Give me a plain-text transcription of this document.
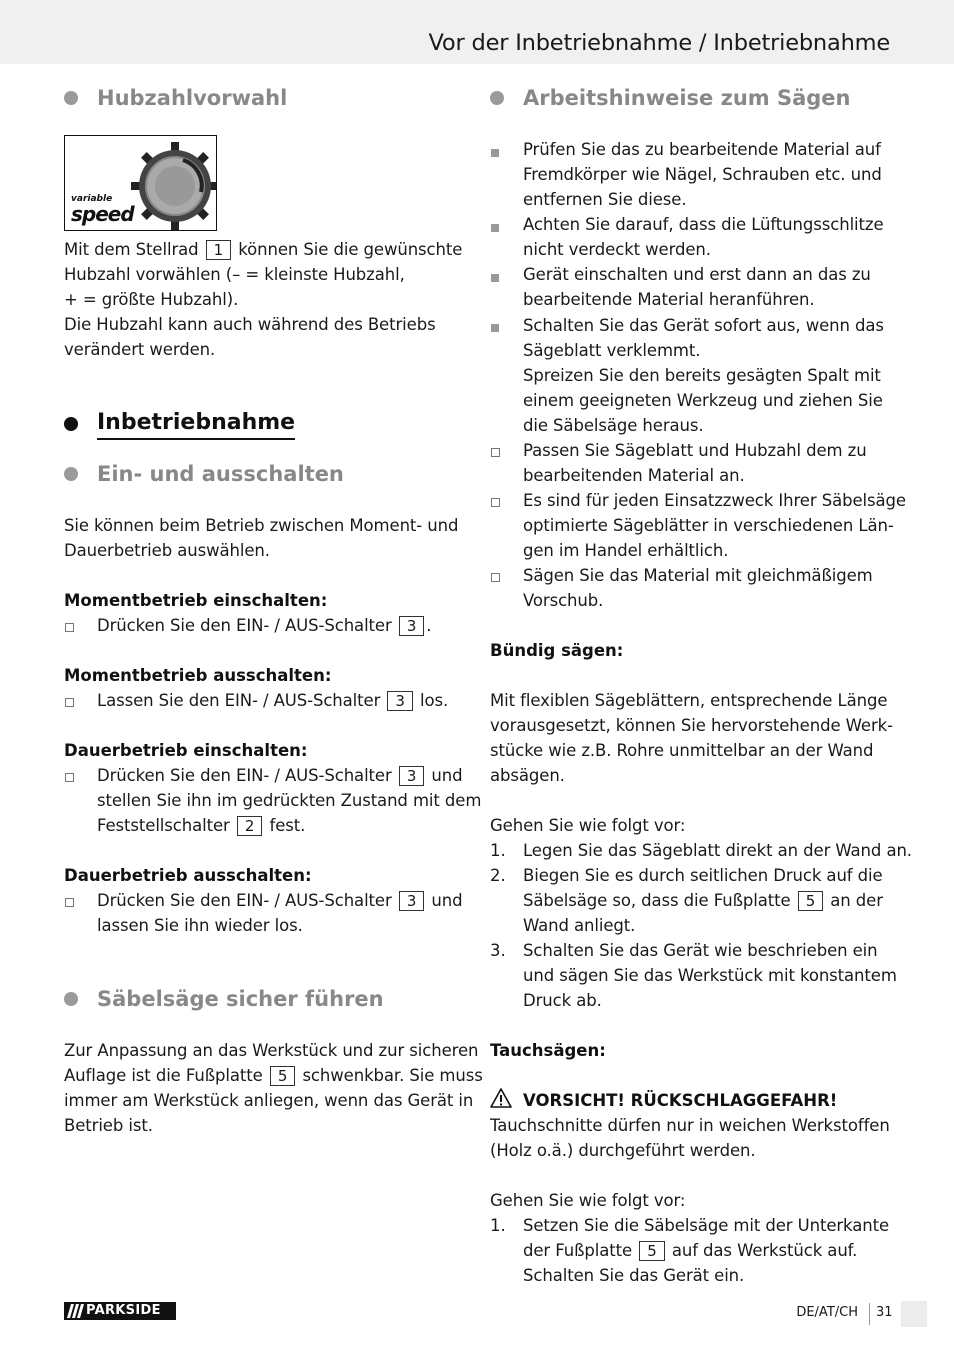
Vor der Inbetriebnahme / Inbetriebnahme
Hubzahlvorwahl
variable
speed
Mit dem Stellrad 1 können Sie die gewünschte
Hubzahl vorwählen (– = kleinste Hubzahl,
+ = größte Hubzahl).
Die Hubzahl kann auch während des Betriebs
verändert werden.
Inbetriebnahme
Ein- und ausschalten
Sie können beim Betrieb zwischen Moment- und
Dauerbetrieb auswählen.
Momentbetrieb einschalten:
Drücken Sie den EIN- / AUS-Schalter 3 .
Momentbetrieb ausschalten:
Lassen Sie den EIN- / AUS-Schalter 3 los.
Dauerbetrieb einschalten:
Drücken Sie den EIN- / AUS-Schalter 3 und
stellen Sie ihn im gedrückten Zustand mit dem
Feststellschalter 2 fest.
Dauerbetrieb ausschalten:
Drücken Sie den EIN- / AUS-Schalter 3 und
lassen Sie ihn wieder los.
Säbelsäge sicher führen
Zur Anpassung an das Werkstück und zur sicheren
Auflage ist die Fußplatte 5 schwenkbar. Sie muss
immer am Werkstück anliegen, wenn das Gerät in
Betrieb ist.
Arbeitshinweise zum Sägen
Prüfen Sie das zu bearbeitende Material auf
Fremdkörper wie Nägel, Schrauben etc. und
entfernen Sie diese.
Achten Sie darauf, dass die Lüftungsschlitze
nicht verdeckt werden.
Gerät einschalten und erst dann an das zu
bearbeitende Material heranführen.
Schalten Sie das Gerät sofort aus, wenn das
Sägeblatt verklemmt.
Spreizen Sie den bereits gesägten Spalt mit
einem geeigneten Werkzeug und ziehen Sie
die Säbelsäge heraus.
Passen Sie Sägeblatt und Hubzahl dem zu
bearbeitenden Material an.
Es sind für jeden Einsatzzweck Ihrer Säbelsäge
optimierte Sägeblätter in verschiedenen Län-
gen im Handel erhältlich.
Sägen Sie das Material mit gleichmäßigem
Vorschub.
Bündig sägen:
Mit flexiblen Sägeblättern, entsprechende Länge
vorausgesetzt, können Sie hervorstehende Werk-
stücke wie z.B. Rohre unmittelbar an der Wand
absägen.
Gehen Sie wie folgt vor:
1. Legen Sie das Sägeblatt direkt an der Wand an.
2. Biegen Sie es durch seitlichen Druck auf die
Säbelsäge so, dass die Fußplatte 5 an der
Wand anliegt.
3. Schalten Sie das Gerät wie beschrieben ein
und sägen Sie das Werkstück mit konstantem
Druck ab.
Tauchsägen:
VORSICHT! RÜCKSCHLAGGEFAHR!
Tauchschnitte dürfen nur in weichen Werkstoffen
(Holz o.ä.) durchgeführt werden.
Gehen Sie wie folgt vor:
1. Setzen Sie die Säbelsäge mit der Unterkante
der Fußplatte 5 auf das Werkstück auf.
Schalten Sie das Gerät ein.
PARKSIDE	DE/AT/CH 31
